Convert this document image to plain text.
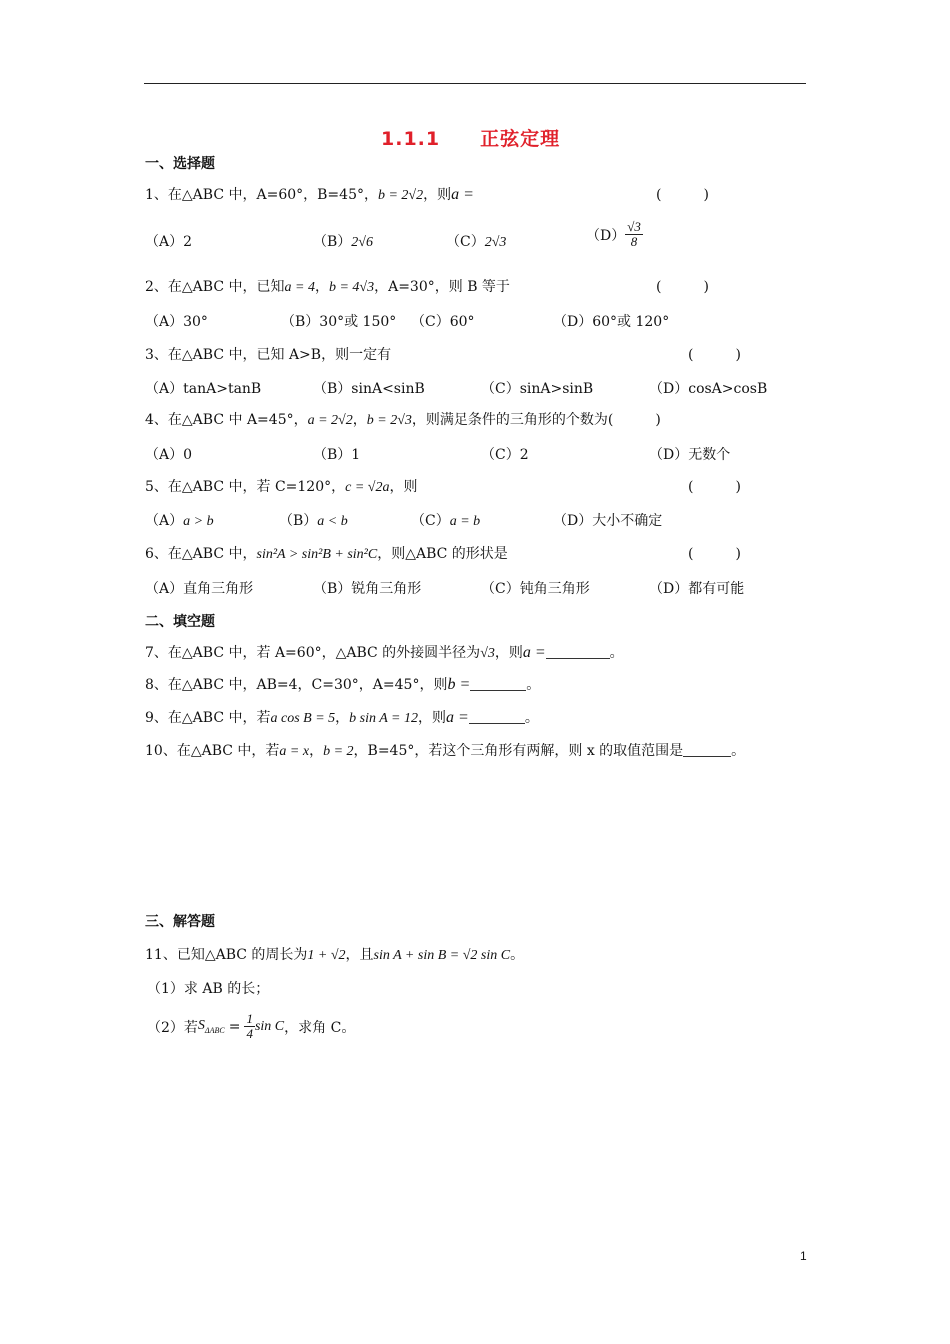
1.1.1　　正弦定理
一、选择题
1、在△ABC 中，A=60°，B=45°，b = 2√2，则a =	(　　　)
（A）2	（B）2√6	（C）2√3	$(D) \frac{√3}{8}$
2、在△ABC 中，已知a = 4，b = 4√3，A=30°，则 B 等于	(　　　)
（A）30°	（B）30°或 150° （C）60°	（D）60°或 120°
3、在△ABC 中，已知 A>B，则一定有	(　　　)
（A）tanA>tanB	（B）sinA<sinB	（C）sinA>sinB	（D）cosA>cosB
4、在△ABC 中 A=45°，a = 2√2，b = 2√3，则满足条件的三角形的个数为(　　　)
（A）0	（B）1	（C）2	（D）无数个
5、在△ABC 中，若 C=120°，c = √2a，则	(　　　)
（A）a > b	（B）a < b	（C）a = b	（D）大小不确定
6、在△ABC 中，sin²A > sin²B + sin²C，则△ABC 的形状是	(　　　)
（A）直角三角形	（B）锐角三角形	（C）钝角三角形	（D）都有可能
二、填空题
7、在△ABC 中，若 A=60°，△ABC 的外接圆半径为√3，则a =	。
8、在△ABC 中，AB=4，C=30°，A=45°，则b =	。
9、在△ABC 中，若a cos B = 5，b sin A = 12，则a =	。
10、在△ABC 中，若a = x，b = 2，B=45°，若这个三角形有两解，则 x 的取值范围是	。
三、解答题
11、已知△ABC 的周长为1 + √2，且sin A + sin B = √2 sin C。
（1）求 AB 的长；
（2）若$S_{\Delta ABC} = \frac{1}{4}$ sin C，求角 C。
1
